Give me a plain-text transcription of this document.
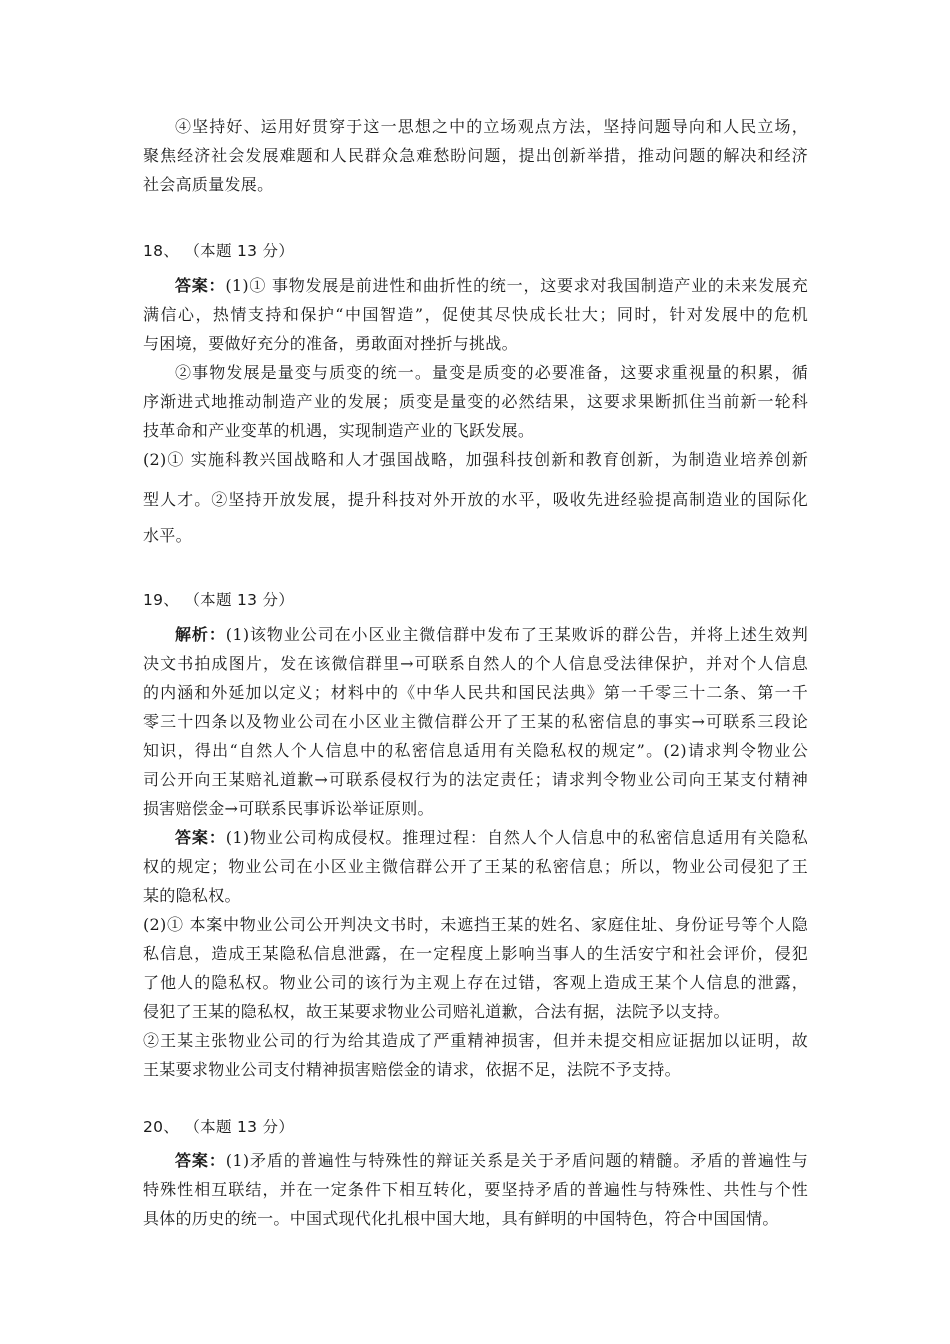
④坚持好、运用好贯穿于这一思想之中的立场观点方法，坚持问题导向和人民立场，
聚焦经济社会发展难题和人民群众急难愁盼问题，提出创新举措，推动问题的解决和经济
社会高质量发展。
18、 （本题 13 分）
答案：(1)① 事物发展是前进性和曲折性的统一，这要求对我国制造产业的未来发展充
满信心，热情支持和保护“中国智造”，促使其尽快成长壮大；同时，针对发展中的危机
与困境，要做好充分的准备，勇敢面对挫折与挑战。
②事物发展是量变与质变的统一。量变是质变的必要准备，这要求重视量的积累，循
序渐进式地推动制造产业的发展；质变是量变的必然结果，这要求果断抓住当前新一轮科
技革命和产业变革的机遇，实现制造产业的飞跃发展。
(2)① 实施科教兴国战略和人才强国战略，加强科技创新和教育创新，为制造业培养创新
型人才。②坚持开放发展，提升科技对外开放的水平，吸收先进经验提高制造业的国际化
水平。
19、 （本题 13 分）
解析：(1)该物业公司在小区业主微信群中发布了王某败诉的群公告，并将上述生效判
决文书拍成图片，发在该微信群里→可联系自然人的个人信息受法律保护，并对个人信息
的内涵和外延加以定义；材料中的《中华人民共和国民法典》第一千零三十二条、第一千
零三十四条以及物业公司在小区业主微信群公开了王某的私密信息的事实→可联系三段论
知识，得出“自然人个人信息中的私密信息适用有关隐私权的规定”。(2)请求判令物业公
司公开向王某赔礼道歉→可联系侵权行为的法定责任；请求判令物业公司向王某支付精神
损害赔偿金→可联系民事诉讼举证原则。
答案：(1)物业公司构成侵权。推理过程：自然人个人信息中的私密信息适用有关隐私
权的规定；物业公司在小区业主微信群公开了王某的私密信息；所以，物业公司侵犯了王
某的隐私权。
(2)① 本案中物业公司公开判决文书时，未遮挡王某的姓名、家庭住址、身份证号等个人隐
私信息，造成王某隐私信息泄露，在一定程度上影响当事人的生活安宁和社会评价，侵犯
了他人的隐私权。物业公司的该行为主观上存在过错，客观上造成王某个人信息的泄露，
侵犯了王某的隐私权，故王某要求物业公司赔礼道歉，合法有据，法院予以支持。
②王某主张物业公司的行为给其造成了严重精神损害，但并未提交相应证据加以证明，故
王某要求物业公司支付精神损害赔偿金的请求，依据不足，法院不予支持。
20、 （本题 13 分）
答案：(1)矛盾的普遍性与特殊性的辩证关系是关于矛盾问题的精髓。矛盾的普遍性与
特殊性相互联结，并在一定条件下相互转化，要坚持矛盾的普遍性与特殊性、共性与个性
具体的历史的统一。中国式现代化扎根中国大地，具有鲜明的中国特色，符合中国国情。
